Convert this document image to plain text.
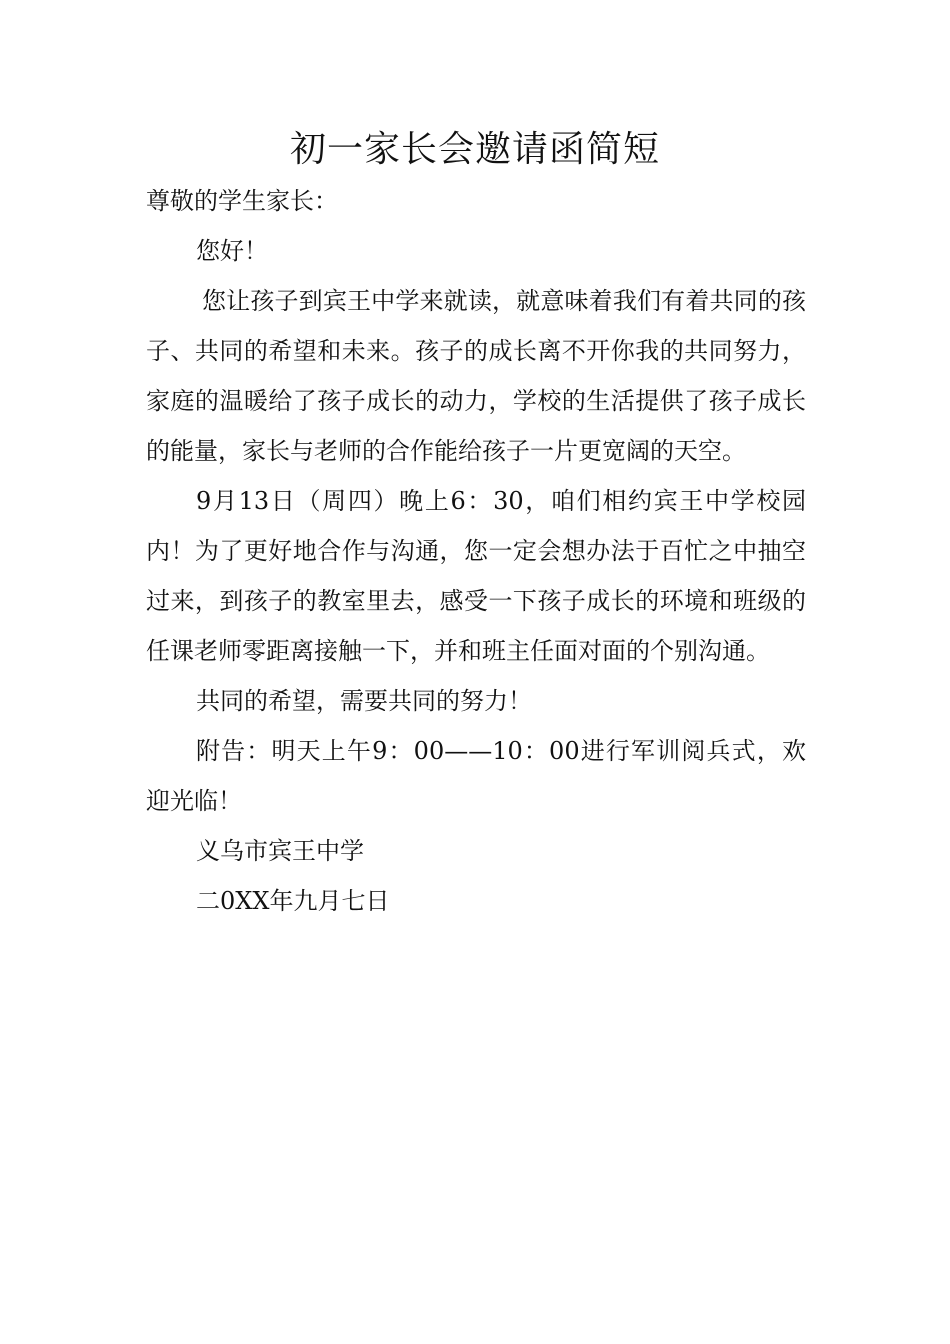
初一家长会邀请函简短

尊敬的学生家长：

您好！

您让孩子到宾王中学来就读，就意味着我们有着共同的孩子、共同的希望和未来。孩子的成长离不开你我的共同努力，家庭的温暖给了孩子成长的动力，学校的生活提供了孩子成长的能量，家长与老师的合作能给孩子一片更宽阔的天空。

9月13日（周四）晚上6：30，咱们相约宾王中学校园内！为了更好地合作与沟通，您一定会想办法于百忙之中抽空过来，到孩子的教室里去，感受一下孩子成长的环境和班级的任课老师零距离接触一下，并和班主任面对面的个别沟通。

共同的希望，需要共同的努力！

附告：明天上午9：00——10：00进行军训阅兵式，欢迎光临！

义乌市宾王中学

二0XX年九月七日
